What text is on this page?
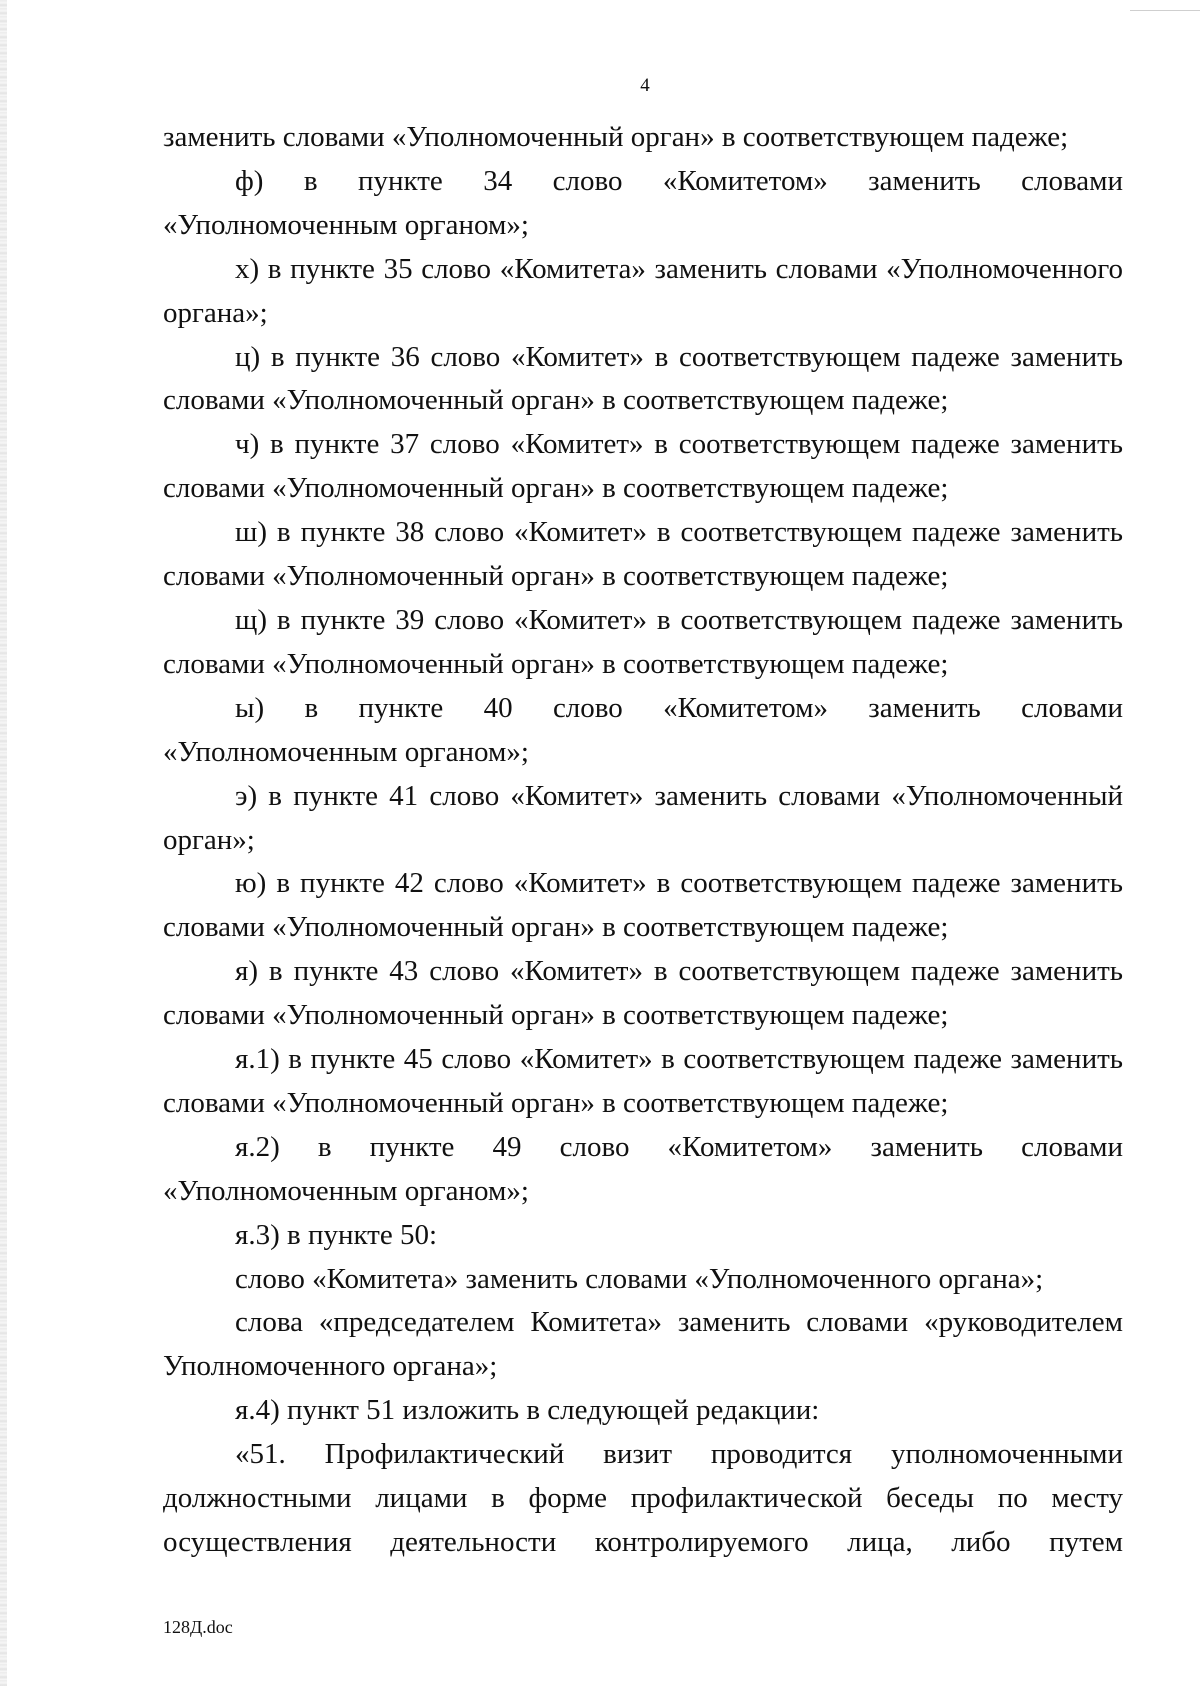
4

заменить словами «Уполномоченный орган» в соответствующем падеже;

ф) в пункте 34 слово «Комитетом» заменить словами «Уполномоченным органом»;

х) в пункте 35 слово «Комитета» заменить словами «Уполномоченного органа»;

ц) в пункте 36 слово «Комитет» в соответствующем падеже заменить словами «Уполномоченный орган» в соответствующем падеже;

ч) в пункте 37 слово «Комитет» в соответствующем падеже заменить словами «Уполномоченный орган» в соответствующем падеже;

ш) в пункте 38 слово «Комитет» в соответствующем падеже заменить словами «Уполномоченный орган» в соответствующем падеже;

щ) в пункте 39 слово «Комитет» в соответствующем падеже заменить словами «Уполномоченный орган» в соответствующем падеже;

ы) в пункте 40 слово «Комитетом» заменить словами «Уполномоченным органом»;

э) в пункте 41 слово «Комитет» заменить словами «Уполномоченный орган»;

ю) в пункте 42 слово «Комитет» в соответствующем падеже заменить словами «Уполномоченный орган» в соответствующем падеже;

я) в пункте 43 слово «Комитет» в соответствующем падеже заменить словами «Уполномоченный орган» в соответствующем падеже;

я.1) в пункте 45 слово «Комитет» в соответствующем падеже заменить словами «Уполномоченный орган» в соответствующем падеже;

я.2) в пункте 49 слово «Комитетом» заменить словами «Уполномоченным органом»;

я.3) в пункте 50:

слово «Комитета» заменить словами «Уполномоченного органа»;

слова «председателем Комитета» заменить словами «руководителем Уполномоченного органа»;

я.4) пункт 51 изложить в следующей редакции:

«51. Профилактический визит проводится уполномоченными должностными лицами в форме профилактической беседы по месту осуществления деятельности контролируемого лица, либо путем

128Д.doc
